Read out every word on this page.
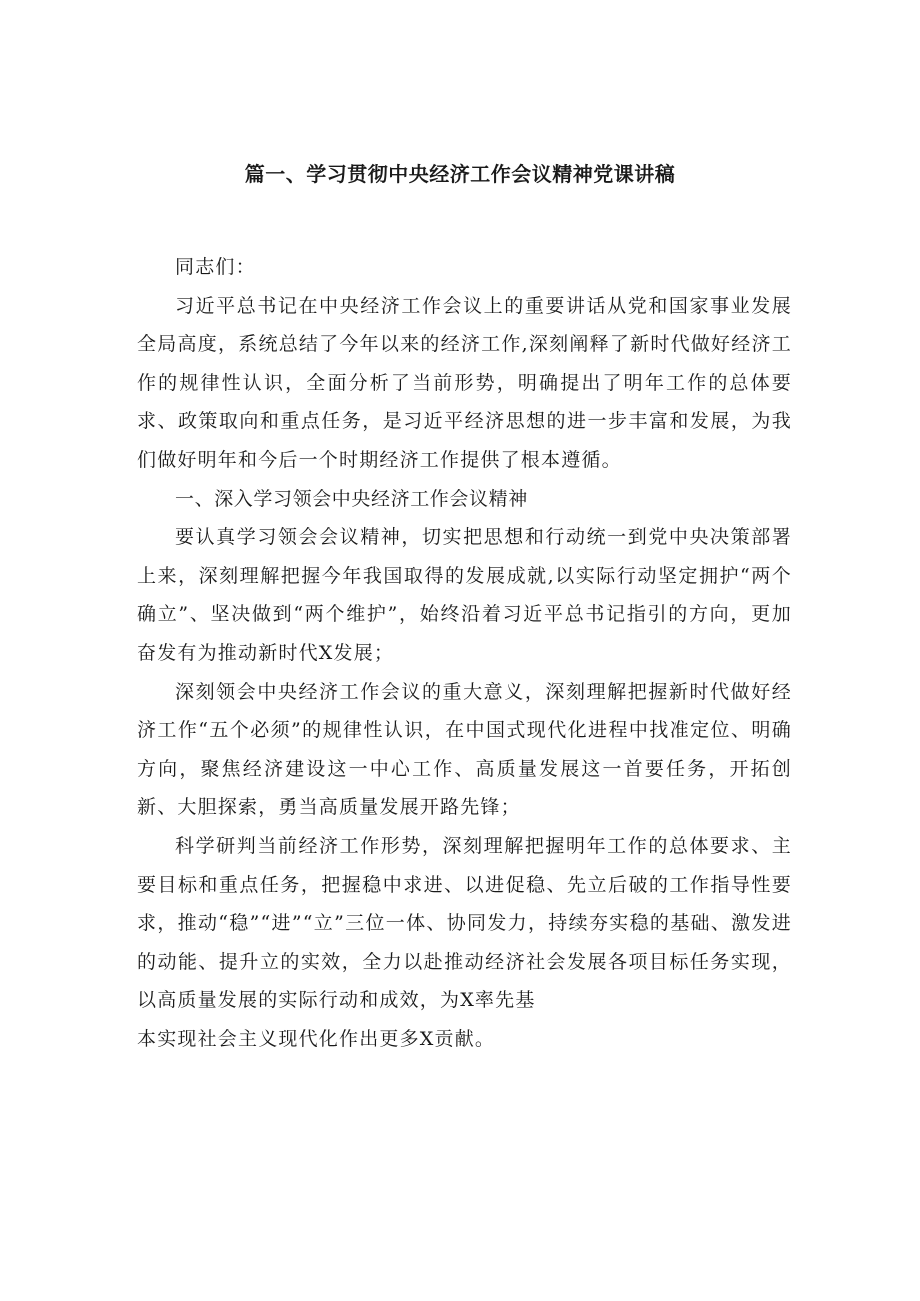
篇一、学习贯彻中央经济工作会议精神党课讲稿

同志们：

习近平总书记在中央经济工作会议上的重要讲话从党和国家事业发展全局高度，系统总结了今年以来的经济工作,深刻阐释了新时代做好经济工作的规律性认识，全面分析了当前形势，明确提出了明年工作的总体要求、政策取向和重点任务，是习近平经济思想的进一步丰富和发展，为我们做好明年和今后一个时期经济工作提供了根本遵循。

一、深入学习领会中央经济工作会议精神

要认真学习领会会议精神，切实把思想和行动统一到党中央决策部署上来，深刻理解把握今年我国取得的发展成就,以实际行动坚定拥护“两个确立”、坚决做到“两个维护”，始终沿着习近平总书记指引的方向，更加奋发有为推动新时代X发展；

深刻领会中央经济工作会议的重大意义，深刻理解把握新时代做好经济工作“五个必须”的规律性认识，在中国式现代化进程中找准定位、明确方向，聚焦经济建设这一中心工作、高质量发展这一首要任务，开拓创新、大胆探索，勇当高质量发展开路先锋；

科学研判当前经济工作形势，深刻理解把握明年工作的总体要求、主要目标和重点任务，把握稳中求进、以进促稳、先立后破的工作指导性要求，推动“稳”“进”“立”三位一体、协同发力，持续夯实稳的基础、激发进的动能、提升立的实效，全力以赴推动经济社会发展各项目标任务实现，以高质量发展的实际行动和成效，为X率先基

本实现社会主义现代化作出更多X贡献。
